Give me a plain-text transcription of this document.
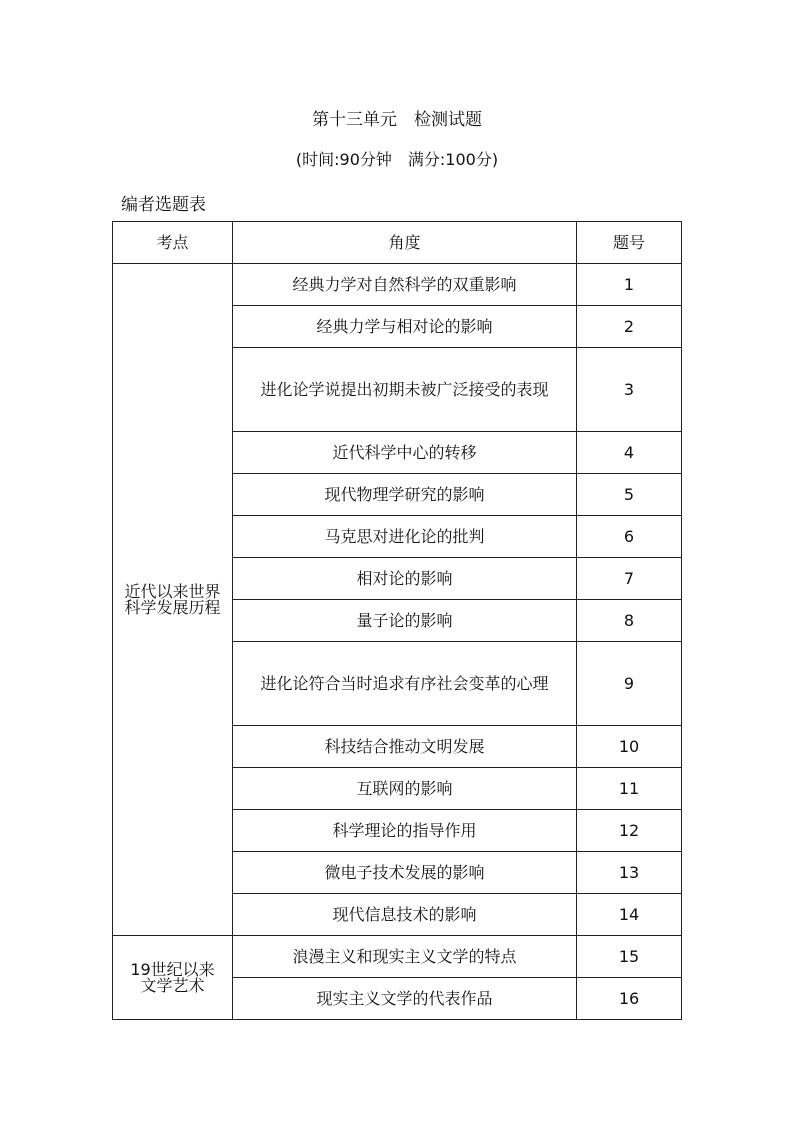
第十三单元　检测试题
(时间:90分钟　满分:100分)
编者选题表
考点	角度	题号

近代以来世界科学发展历程	经典力学对自然科学的双重影响	1
	经典力学与相对论的影响	2
	进化论学说提出初期未被广泛接受的表现	3
	近代科学中心的转移	4
	现代物理学研究的影响	5
	马克思对进化论的批判	6
	相对论的影响	7
	量子论的影响	8
	进化论符合当时追求有序社会变革的心理	9
	科技结合推动文明发展	10
	互联网的影响	11
	科学理论的指导作用	12
	微电子技术发展的影响	13
	现代信息技术的影响	14

19世纪以来文学艺术	浪漫主义和现实主义文学的特点	15
	现实主义文学的代表作品	16
